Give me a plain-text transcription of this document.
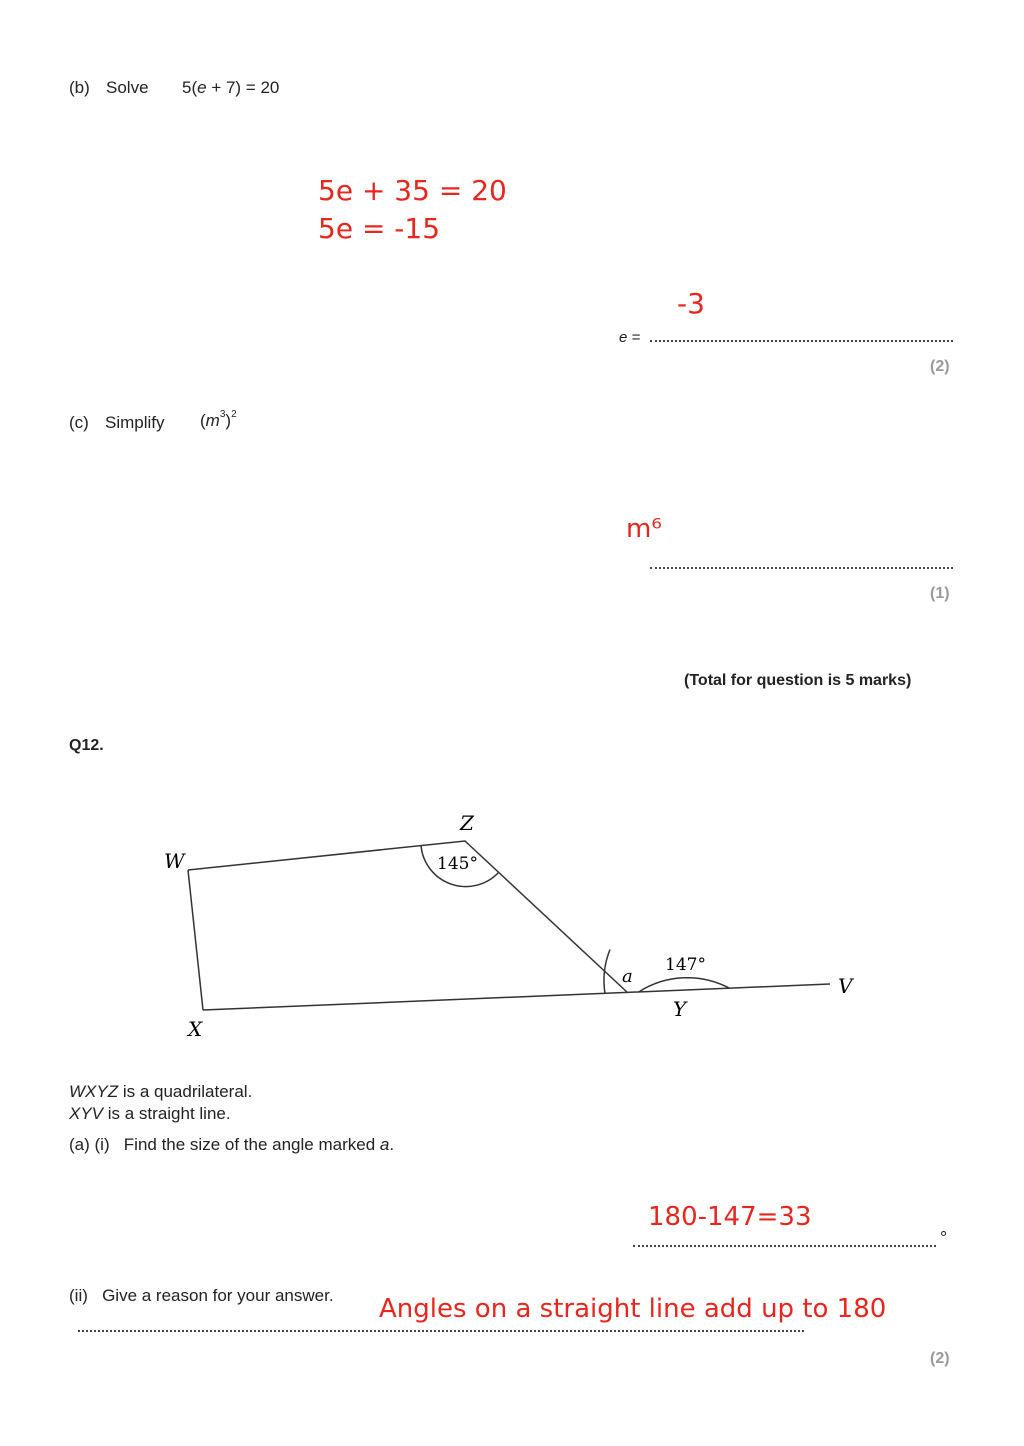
(b) Solve 5(e + 7) = 20
5e + 35 = 20
5e = -15
-3
e =
(2)
(c) Simplify $(m^3)^2$
m⁶
(1)
(Total for question is 5 marks)
Q12.
Z
W
X
Y
V
a
145°
147°
WXYZ is a quadrilateral.
XYV is a straight line.
(a) (i) Find the size of the angle marked a.
180-147=33
°
(ii) Give a reason for your answer. Angles on a straight line add up to 180
(2)
